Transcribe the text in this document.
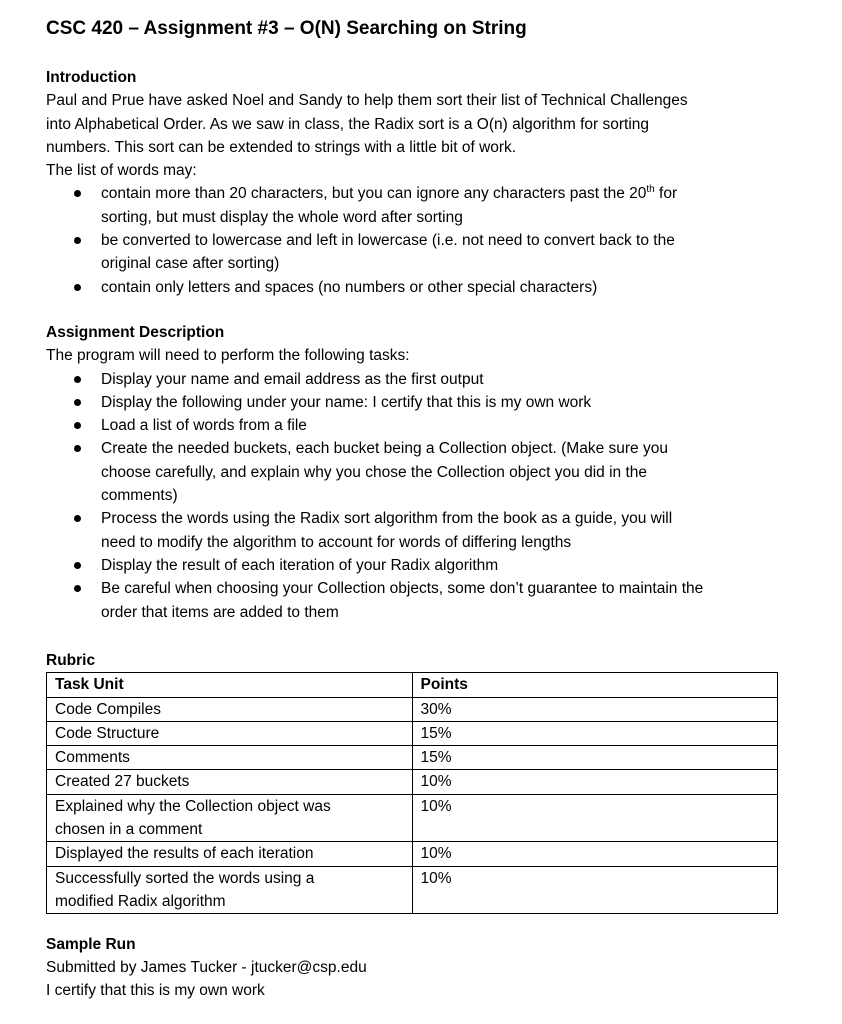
CSC 420 – Assignment #3 – O(N) Searching on String
Introduction
Paul and Prue have asked Noel and Sandy to help them sort their list of Technical Challenges
into Alphabetical Order. As we saw in class, the Radix sort is a O(n) algorithm for sorting
numbers. This sort can be extended to strings with a little bit of work.
The list of words may:
contain more than 20 characters, but you can ignore any characters past the 20th for
sorting, but must display the whole word after sorting
be converted to lowercase and left in lowercase (i.e. not need to convert back to the
original case after sorting)
contain only letters and spaces (no numbers or other special characters)
Assignment Description
The program will need to perform the following tasks:
Display your name and email address as the first output
Display the following under your name: I certify that this is my own work
Load a list of words from a file
Create the needed buckets, each bucket being a Collection object. (Make sure you
choose carefully, and explain why you chose the Collection object you did in the
comments)
Process the words using the Radix sort algorithm from the book as a guide, you will
need to modify the algorithm to account for words of differing lengths
Display the result of each iteration of your Radix algorithm
Be careful when choosing your Collection objects, some don’t guarantee to maintain the
order that items are added to them
Rubric
Task Unit	Points

Code Compiles	30%

Code Structure	15%

Comments	15%

Created 27 buckets	10%

Explained why the Collection object was
chosen in a comment	10%

Displayed the results of each iteration	10%

Successfully sorted the words using a
modified Radix algorithm	10%
Sample Run
Submitted by James Tucker - jtucker@csp.edu
I certify that this is my own work
